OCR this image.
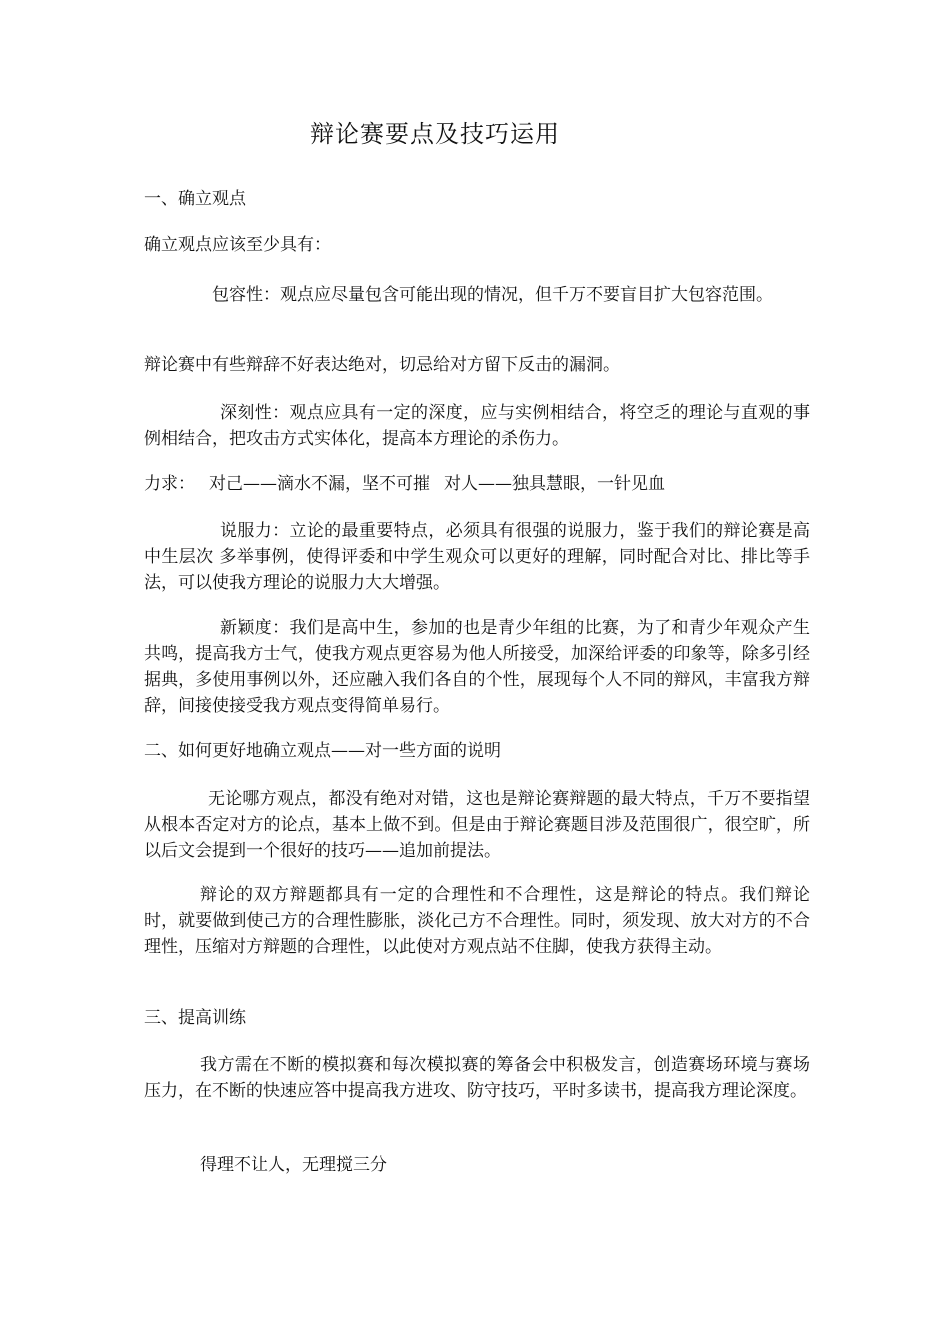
辩论赛要点及技巧运用
一、确立观点
确立观点应该至少具有：
包容性：观点应尽量包含可能出现的情况，但千万不要盲目扩大包容范围。
辩论赛中有些辩辞不好表达绝对，切忌给对方留下反击的漏洞。
深刻性：观点应具有一定的深度，应与实例相结合，将空乏的理论与直观的事例相结合，把攻击方式实体化，提高本方理论的杀伤力。
力求： 对己——滴水不漏，坚不可摧 对人——独具慧眼，一针见血
说服力：立论的最重要特点，必须具有很强的说服力，鉴于我们的辩论赛是高中生层次 多举事例，使得评委和中学生观众可以更好的理解，同时配合对比、排比等手法，可以使我方理论的说服力大大增强。
新颖度：我们是高中生，参加的也是青少年组的比赛，为了和青少年观众产生共鸣，提高我方士气，使我方观点更容易为他人所接受，加深给评委的印象等，除多引经据典，多使用事例以外，还应融入我们各自的个性，展现每个人不同的辩风，丰富我方辩辞，间接使接受我方观点变得简单易行。
二、如何更好地确立观点——对一些方面的说明
无论哪方观点，都没有绝对对错，这也是辩论赛辩题的最大特点，千万不要指望从根本否定对方的论点，基本上做不到。但是由于辩论赛题目涉及范围很广，很空旷，所以后文会提到一个很好的技巧——追加前提法。
辩论的双方辩题都具有一定的合理性和不合理性，这是辩论的特点。我们辩论时，就要做到使己方的合理性膨胀，淡化己方不合理性。同时，须发现、放大对方的不合理性，压缩对方辩题的合理性，以此使对方观点站不住脚，使我方获得主动。
三、提高训练
我方需在不断的模拟赛和每次模拟赛的筹备会中积极发言，创造赛场环境与赛场压力，在不断的快速应答中提高我方进攻、防守技巧，平时多读书，提高我方理论深度。
得理不让人，无理搅三分
